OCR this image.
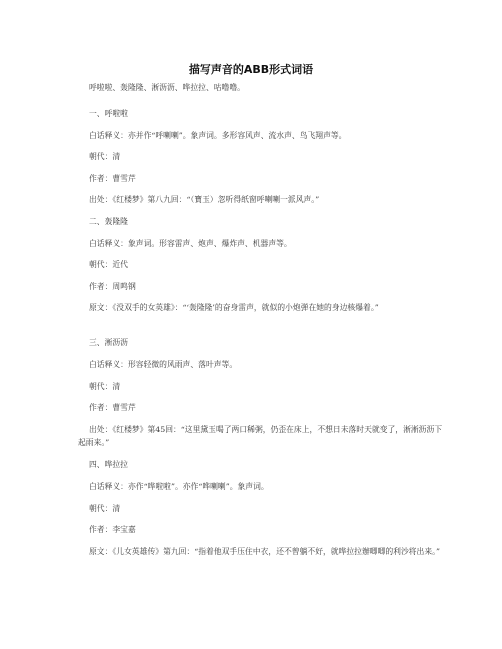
描写声音的ABB形式词语
呼啦啦、轰隆隆、淅沥沥、哗拉拉、咕噜噜。
一、呼啦啦
白话释义：亦并作“呼喇喇”。象声词。多形容风声、流水声、鸟飞翔声等。
朝代：清
作者：曹雪芹
出处：《红楼梦》第八九回：“（寶玉）忽听得纸窗呼喇喇一派风声。”
二、轰隆隆
白话释义：象声词。形容雷声、炮声、爆炸声、机器声等。
朝代：近代
作者：周鸣钢
原文：《没双手的女英雄》：“‘轰隆隆’的奋身雷声，就似的小炮弹在她的身边核爆着。”
三、淅沥沥
白话释义：形容轻微的风雨声、落叶声等。
朝代：清
作者：曹雪芹
出处：《红楼梦》第45回：“这里黛玉喝了两口稀粥，仍歪在床上，不想日未落时天就变了，淅淅沥沥下起雨来。”
四、哗拉拉
白话释义：亦作“哗啦啦”。亦作“哗喇喇”。象声词。
朝代：清
作者：李宝嘉
原文：《儿女英雄传》第九回：“指着他双手压住中衣，还不曾躺不好，就哗拉拉辦唧唧的利沙将出来。”
